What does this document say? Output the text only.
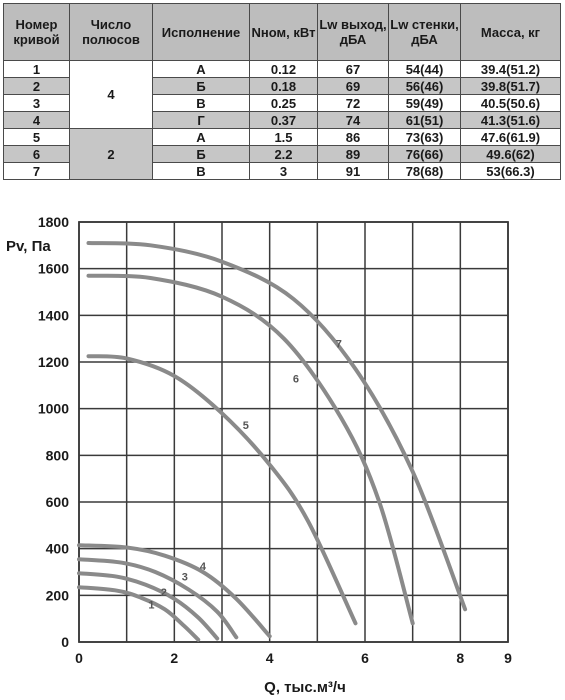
Номер кривой	Число полюсов	Исполнение	Nном, кВт	Lw выход, дБА	Lw стенки, дБА	Масса, кг
1	4	А	0.12	67	54(44)	39.4(51.2)
2		Б	0.18	69	56(46)	39.8(51.7)
3		В	0.25	72	59(49)	40.5(50.6)
4		Г	0.37	74	61(51)	41.3(51.6)
5	2	А	1.5	86	73(63)	47.6(61.9)
6		Б	2.2	89	76(66)	49.6(62)
7		В	3	91	78(68)	53(66.3)
0
200
400
600
800
1000
1200
1400
1600
1800
0	2	4	6	8	9
Pv, Па
Q, тыс.м³/ч
1
2
3
4
5
6
7
